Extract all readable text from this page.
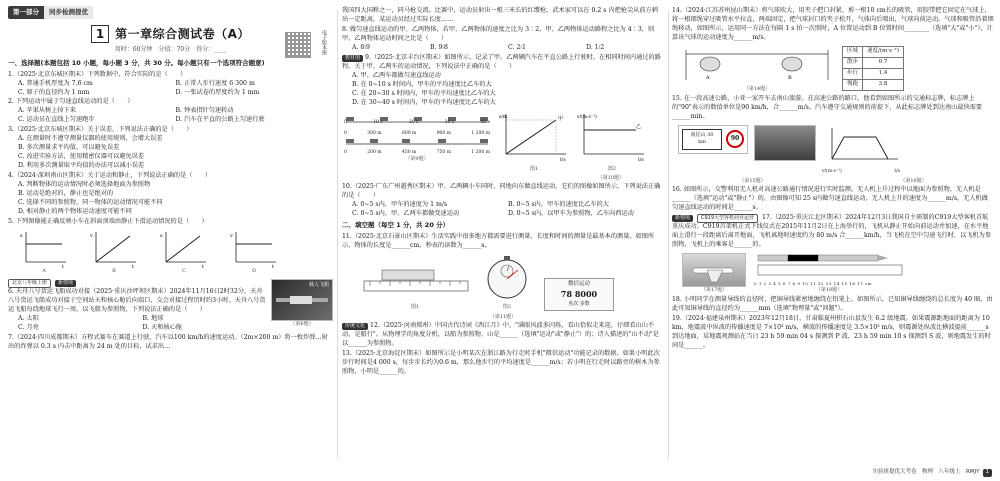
第一部分	同步检测提优
1 第一章综合测试卷（A）	电子版本册
用时：60分钟　分值：70分　得分：____
一、选择题(本题包括 10 小题，每小题 3 分，共 30 分。每小题只有一个选项符合题意)
1.（2025·北京东城区期末）下列数据中，符合实际的是（　　）
A. 普通手机厚度为 7.6 cm	B. 正常人步行速度 6 300 m
C. 原子的直径约为 1 mm	D. 一张试卷的厚度约为 1 mm
2. 下列运动中属于匀速直线运动的是（　　）
A. 苹果从树上掉下来	B. 钟表指针匀速转动
C. 运动员在直线上匀速跑步	D. 汽车在平直的公路上匀速行驶
3.（2025·北京东城区期末）关于误差，下列说法正确的是（　　）
A. 在测量时不遵守测量仪器的使用规则，会增大误差
B. 多次测量求平均值，可以避免误差
C. 改进实验方法，使用精密仪器可以避免误差
D. 利用多次测量取平均值的办法可以减小误差
4.（2024·深圳南山区期末）关于运动和静止，下列说法正确的是（　　）
A. 判断物体的运动情况时必须选择地面为参照物
B. 运动是绝对的，静止也是绝对的
C. 选择不同的参照物，同一物体的运动情况可能不同
D. 相对静止的两个物体运动速度可能不同
5. 下列图像能正确反映小车在斜面顶端由静止下滑运动情况的是（　　）
s
t
A
v
t
B
s
t
C
v
t
D
北京八年级上册 新情境
6. 天舟八号货运飞船成功对接（2025·重庆沙坪坝区期末）2024年11月16日2时32分，天舟八号货运飞船成功对接于空间站天和核心舱后向端口，交会对接过程历时约3小时。天舟八号货运飞船每绕地球飞行一周，以飞船为参照物，下列说法正确的是（　　）
A. 太阳	B. 地球
C. 月亮	D. 天和核心舱
载人飞船
（第6题）
7.（2024·四川成都期末）方程式赛车在赛道上行驶，汽车以100 km/h的速度运动。（2m×200 m）将一枚炸弹…射出的炸弹以 0.3 s 内击中距离为 24 m 处的目标，试求出…
我国四大国粹之一，同马枪交流。比赛中，运动员射出一根三米长的红缨枪，武术家可以在 0.2 s 内把枪尖从前方刺出一定距离，某运动员经过实际长度……
8. 做匀速直线运动的甲、乙两物体，若甲、乙两物体的速度之比为 3∶2，甲、乙两物体运动路程之比为 4∶3，则甲、乙两物体运动时间之比是（　　）
A. 8∶9	B. 9∶8	C. 2∶1	D. 1∶2
教材图 9.（2025·北京丰台区期末）如图所示，记录了甲、乙两辆汽车在平直公路上行驶时，在相同时间内通过的路程。关于甲、乙两车的运动情况，下列说法中正确的是（　　）
A. 甲、乙两车都做匀速直线运动
B. 在 0~10 s 时间内，甲车的平均速度比乙车的大
C. 在 20~30 s 时间内，甲车的平均速度比乙车的大
D. 在 30~40 s 时间内，甲车的平均速度比乙车的大
0	10 s	20 s	30 s	40 s
0	300 m	600 m	900 m	1 200 m
0	200 m	450 m	750 m	1 200 m
（第9题）
甲
s/m
t/s
图1
乙
v/(m·s⁻¹)
t/s
图2
（第10题）
10.（2025·广东广州越秀区期末）甲、乙两辆小车同时、同地向东做直线运动，它们的图像如图所示，下列说法正确的是（　　）
A. 0~5 s内，甲车的速度为 1 m/s	B. 0~5 s内，甲车的速度比乙车的大
C. 0~5 s内，甲、乙两车都做变速运动	D. 0~5 s内，以甲车为参照物，乙车向西运动
二、填空题（每空 1 分，共 20 分）
11.（2025·北京石景山区期末）生活实践中很多地方都需要进行测量，长度和时间的测量是最基本的测量。如图所示，物体的长度是______cm，秒表的读数为______s。
图1	图2
微信运动
78 8000
名次 步数
（第11题）
传统文化 12.（2025·河南郑州）中国古代诗词《西江月》中，"满眼风波多闪烁，看山恰似走来迎，仔细看山山不动，是船行"。从物理学的角度分析，以船为参照物，山是______（选填"运动"或"静止"）的；诗人描述的"山不动"是以______为参照物。
13.（2025·北京海淀区期末）如图所示是小明某次在浙江路为行走时手机"微信运动"功能记录的数据。如果小明此次步行时间是4 000 s，每步步长约为0.6 m，那么他步行的平均速度是______m/s；若小明在行走时以路旁的树木为参照物，小明是______的。
14.（2024·江苏苏州昆山期末）将气球吹大，用夹子把口封紧，剪一根10 cm长的吸管，用胶带把它固定在气球上，将一根细绳穿过吸管水平拉直，两端固定，把气球封口的夹子松开，气体向后喷出，气球向前运动。气球和吸管沿着细绳移动，如图所示，运用同一方法在每隔 1 s 拍一次照时，A 位置运动到 B 位置时间________（选填"大"或"小"），计算该气球的运动速度为______m/s。
A	B
（第14题）
区域	速度/(m·s⁻¹)
散步	0.7
步行	1.4
慢跑	3.8
15. 在一段高速公路，小亚一家开车去南山旅游。在高速公路的路口，他看到如图所示的交通标志牌，标志牌上的"90"表示的数值单位是90 km/h，合______m/s。汽车遵守交通规则的前提下，从此标志牌处到达南山最快需要______min。
南昆山 30 km
90
v/(m·s⁻¹)	t/s
（第15题）	（第16题）
16. 如图所示，交警利用无人机对高速公路通行情况进行实时监测。无人机上升过程中以地面为参照物，无人机是______（选填"运动"或"静止"）的，由图像可知 25 s内做匀速直线运动，无人机上升的速度为______m/s，无人机做匀速直线运动的时间是______s。
新情境 C919大型客机商业运营 17.（2025·重庆江北区期末）2024年12月3日我国自主研制的C919大型客机首航重庆成功。C919首架机正式下线仪式在2015年11月2日在上海举行的，飞机从静止开始向前运动并加速，在水平地面上滑行一段距离后离开地面，飞机离地时速度约为 80 m/s 合______km/h，当飞机在空中匀速飞行时，以飞机为参照物，飞机上的乘客是______的。
（第17题）
0 1 2 3 4 5 6 7 8 9 10 11 12 13 14 15 16 17 cm
（第18题）
18. 小明同学在测量导线的直径时，把铜导线紧密地缠绕在铅笔上，如图所示，已知铜导线缠绕的总长度为 40 圈，由此可知铜导线的直径约为______mm（选填"物理量"或"问题"）。
19.（2024·福建泉州期末）2023年12月18日，甘肃临夏州积石山县发生 6.2 级地震。如果震源距地面的距离为 10 km，地震波中纵波的传播速度是 7×10³ m/s，横波的传播速度是 3.5×10³ m/s，则震源处纵波比横波提前______s 到达地面，某地震观测站在当日 23 h 59 min 04 s 探测到 P 波，23 h 59 min 10 s 探测到 S 波，则地震发生的时间是______。
实验班提优大考卷　物理　八年级上　RMJY	1
